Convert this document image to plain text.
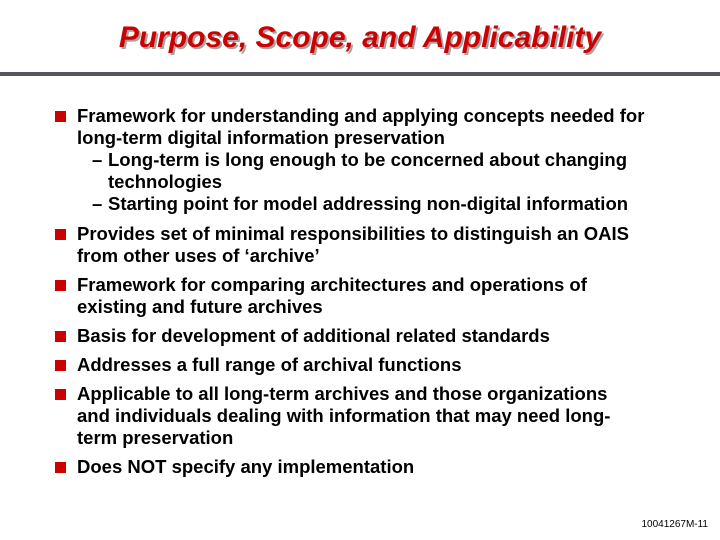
Purpose, Scope, and Applicability
Framework for understanding and applying concepts needed for
long-term digital information preservation
– Long-term is long enough to be concerned about changing
technologies
– Starting point for model addressing non-digital information
Provides set of minimal responsibilities to distinguish an OAIS
from other uses of ‘archive’
Framework for comparing architectures and operations of
existing and future archives
Basis for development of additional related standards
Addresses a full range of archival functions
Applicable to all long-term archives and those organizations
and individuals dealing with information that may need long-
term preservation
Does NOT specify any implementation
10041267M-11
